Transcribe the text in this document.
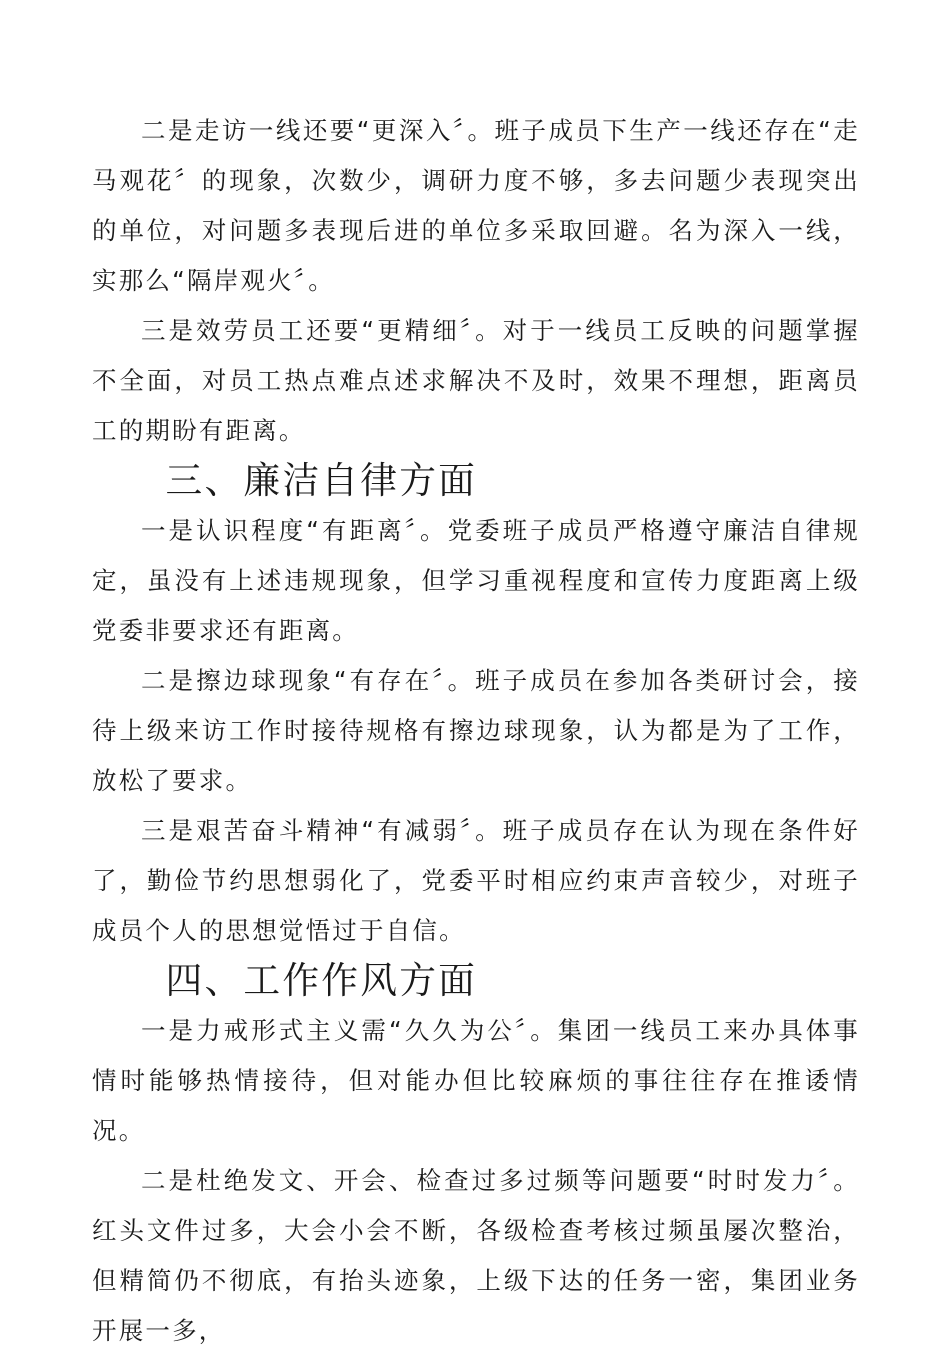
二是走访一线还要“更深入〞。班子成员下生产一线还存在“走马观花〞的现象，次数少，调研力度不够，多去问题少表现突出的单位，对问题多表现后进的单位多采取回避。名为深入一线，实那么“隔岸观火〞。

三是效劳员工还要“更精细〞。对于一线员工反映的问题掌握不全面，对员工热点难点述求解决不及时，效果不理想，距离员工的期盼有距离。

三、廉洁自律方面

一是认识程度“有距离〞。党委班子成员严格遵守廉洁自律规定，虽没有上述违规现象，但学习重视程度和宣传力度距离上级党委非要求还有距离。

二是擦边球现象“有存在〞。班子成员在参加各类研讨会，接待上级来访工作时接待规格有擦边球现象，认为都是为了工作，放松了要求。

三是艰苦奋斗精神“有减弱〞。班子成员存在认为现在条件好了，勤俭节约思想弱化了，党委平时相应约束声音较少，对班子成员个人的思想觉悟过于自信。

四、工作作风方面

一是力戒形式主义需“久久为公〞。集团一线员工来办具体事情时能够热情接待，但对能办但比较麻烦的事往往存在推诿情况。

二是杜绝发文、开会、检查过多过频等问题要“时时发力〞。红头文件过多，大会小会不断，各级检查考核过频虽屡次整治，但精简仍不彻底，有抬头迹象，上级下达的任务一密，集团业务开展一多，
